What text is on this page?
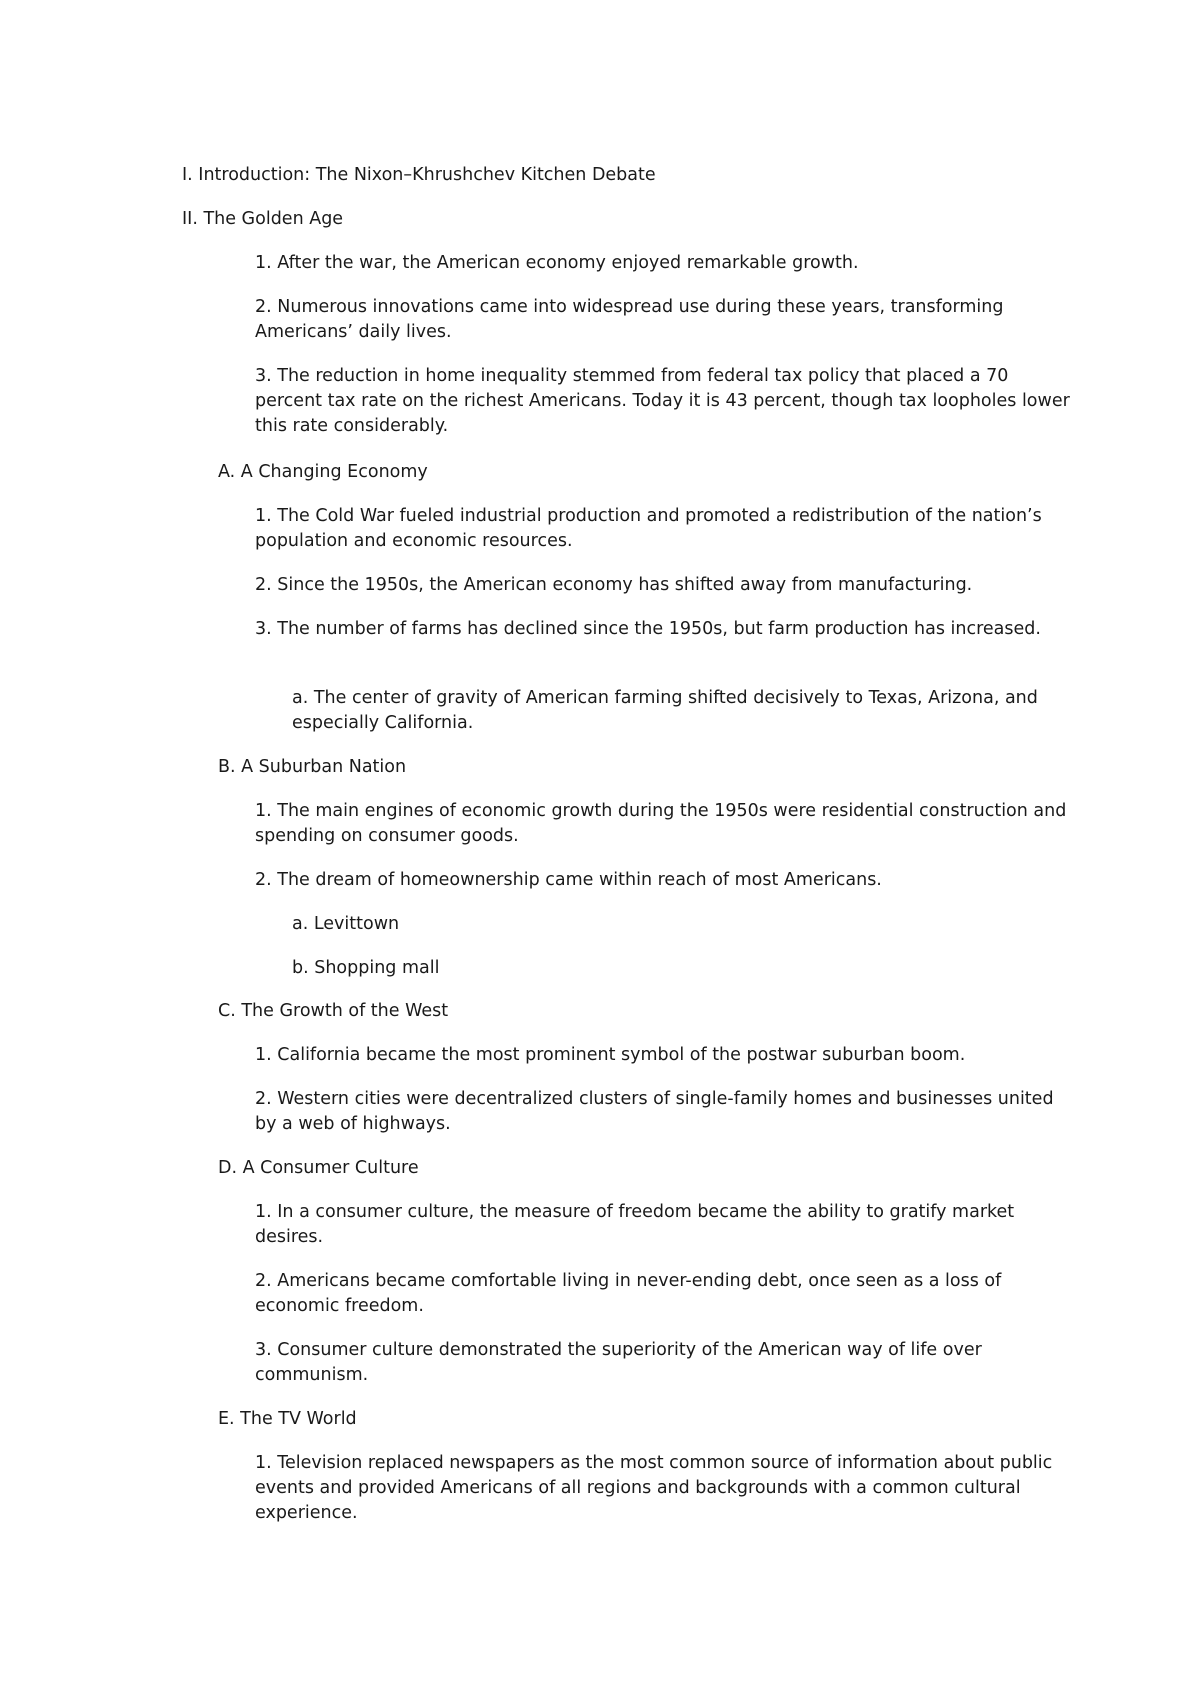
I. Introduction: The Nixon–Khrushchev Kitchen Debate

II. The Golden Age

1. After the war, the American economy enjoyed remarkable growth.

2. Numerous innovations came into widespread use during these years, transforming Americans’ daily lives.

3. The reduction in home inequality stemmed from federal tax policy that placed a 70 percent tax rate on the richest Americans. Today it is 43 percent, though tax loopholes lower this rate considerably.

A. A Changing Economy

1. The Cold War fueled industrial production and promoted a redistribution of the nation’s population and economic resources.

2. Since the 1950s, the American economy has shifted away from manufacturing.

3. The number of farms has declined since the 1950s, but farm production has increased.

a. The center of gravity of American farming shifted decisively to Texas, Arizona, and especially California.

B. A Suburban Nation

1. The main engines of economic growth during the 1950s were residential construction and spending on consumer goods.

2. The dream of homeownership came within reach of most Americans.

a. Levittown

b. Shopping mall

C. The Growth of the West

1. California became the most prominent symbol of the postwar suburban boom.

2. Western cities were decentralized clusters of single-family homes and businesses united by a web of highways.

D. A Consumer Culture

1. In a consumer culture, the measure of freedom became the ability to gratify market desires.

2. Americans became comfortable living in never-ending debt, once seen as a loss of economic freedom.

3. Consumer culture demonstrated the superiority of the American way of life over communism.

E. The TV World

1. Television replaced newspapers as the most common source of information about public events and provided Americans of all regions and backgrounds with a common cultural experience.
